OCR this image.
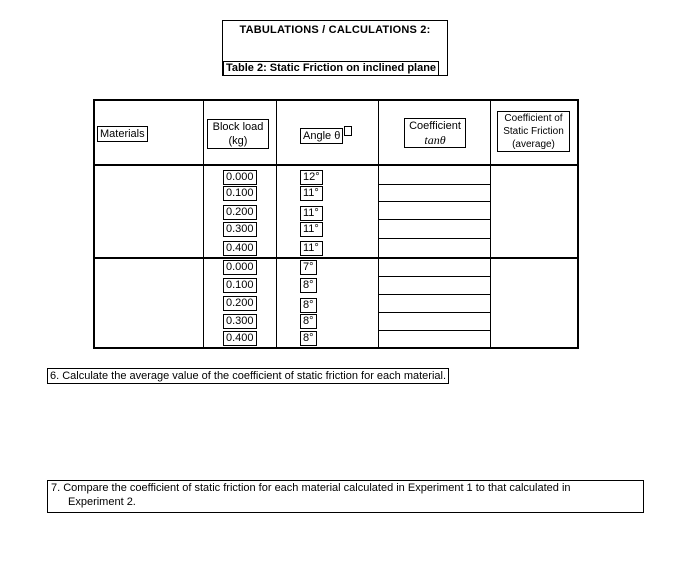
TABULATIONS / CALCULATIONS 2:
Table 2: Static Friction on inclined plane
Materials
Block load
(kg)	Angle θ
Coefficient
tanθ
Coefficient of
Static Friction
(average)
0.000
0.100
0.200
0.300
0.400
12°
11°
11°
11°
11°
0.000
0.100
0.200
0.300
0.400
7°
8°
8°
8°
8°
6. Calculate the average value of the coefficient of static friction for each material.
7. Compare the coefficient of static friction for each material calculated in Experiment 1 to that calculated in
Experiment 2.
